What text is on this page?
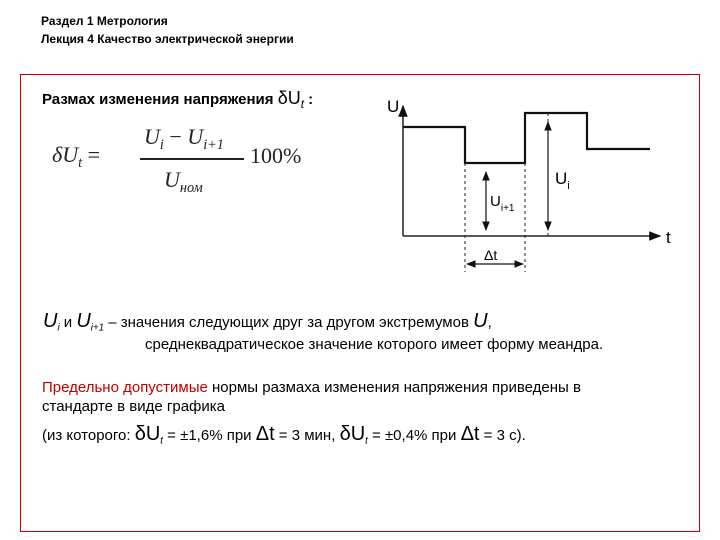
Раздел 1 Метрология
Лекция 4 Качество электрической энергии
Размах изменения напряжения $\delta U_t$ :
$\delta U_t$ =
$U_i - U_{i+1}$
$U_{ном}$
100%
U
t
$U_i$
$U_{i+1}$
Δt
$U_i$ и $U_{i+1}$ – значения следующих друг за другом экстремумов U,
среднеквадратическое значение которого имеет форму меандра.
Предельно допустимые нормы размаха изменения напряжения приведены в
стандарте в виде графика
(из которого: $\delta U_t = \pm 1,6\%$ при Δt = 3 мин, $\delta U_t = \pm 0,4\%$ при Δt = 3 с).
